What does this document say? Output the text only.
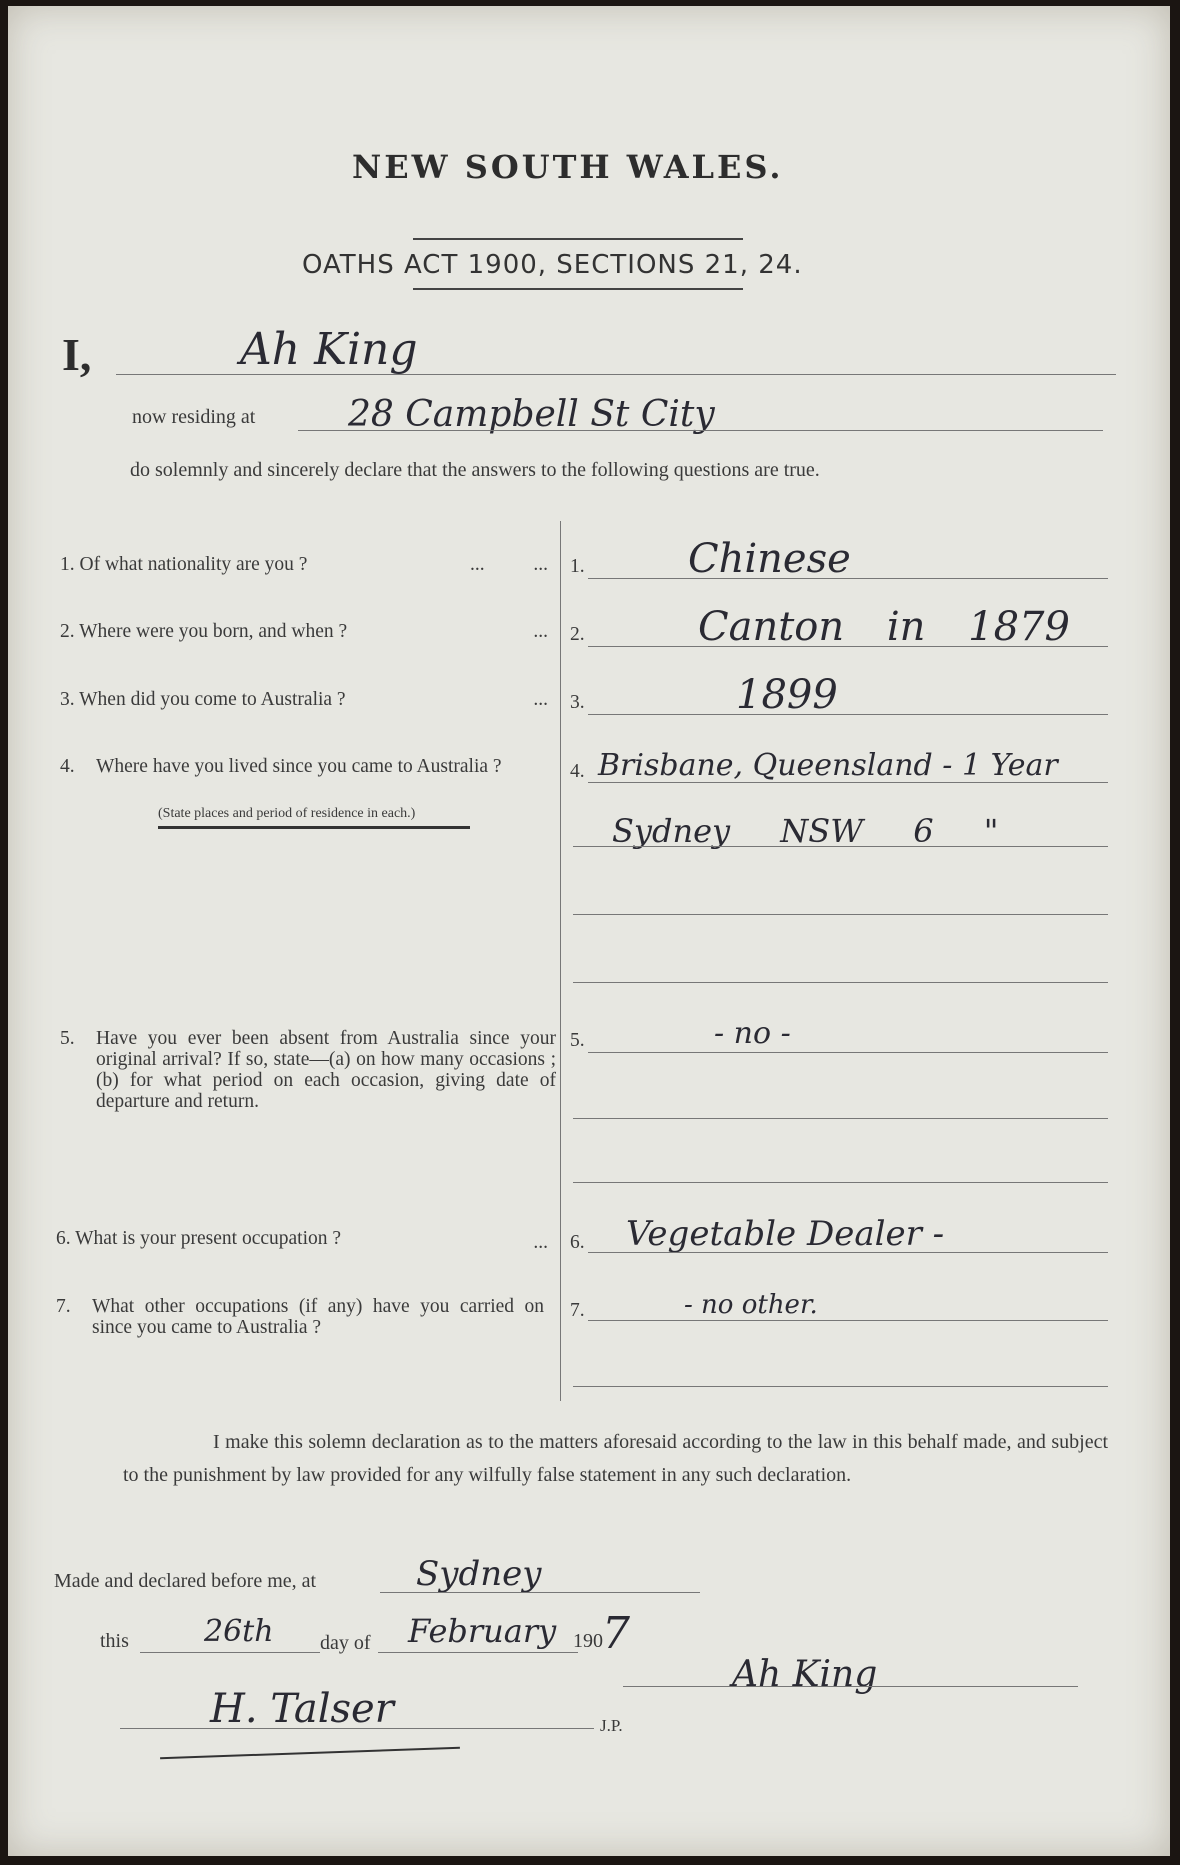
NEW SOUTH WALES.
OATHS ACT 1900, SECTIONS 21, 24.
I,	Ah King
now residing at	28 Campbell St City
do solemnly and sincerely declare that the answers to the following questions are true.
1. Of what nationality are you ?	...          ... 1.	Chinese
2. Where were you born, and when ?	... 2.	Canton in 1879
3. When did you come to Australia ?	... 3.	1899
4. Where have you lived since you came to Australia ?
(State places and period of residence in each.)
4. Brisbane, Queensland - 1 Year
Sydney NSW 6 "
5. Have you ever been absent from Australia since your original arrival? If so, state—(a) on how many occasions ; (b) for what period on each occasion, giving date of departure and return.
5.	- no -
6. What is your present occupation ?	... 6. Vegetable Dealer -
7. What other occupations (if any) have you carried on since you came to Australia ?
7.	- no other.
I make this solemn declaration as to the matters aforesaid according to the law in this behalf made, and subject to the punishment by law provided for any wilfully false statement in any such declaration.
Made and declared before me, at	Sydney
this	26th day of February 190 7
H. Talser	J.P.
Ah King
